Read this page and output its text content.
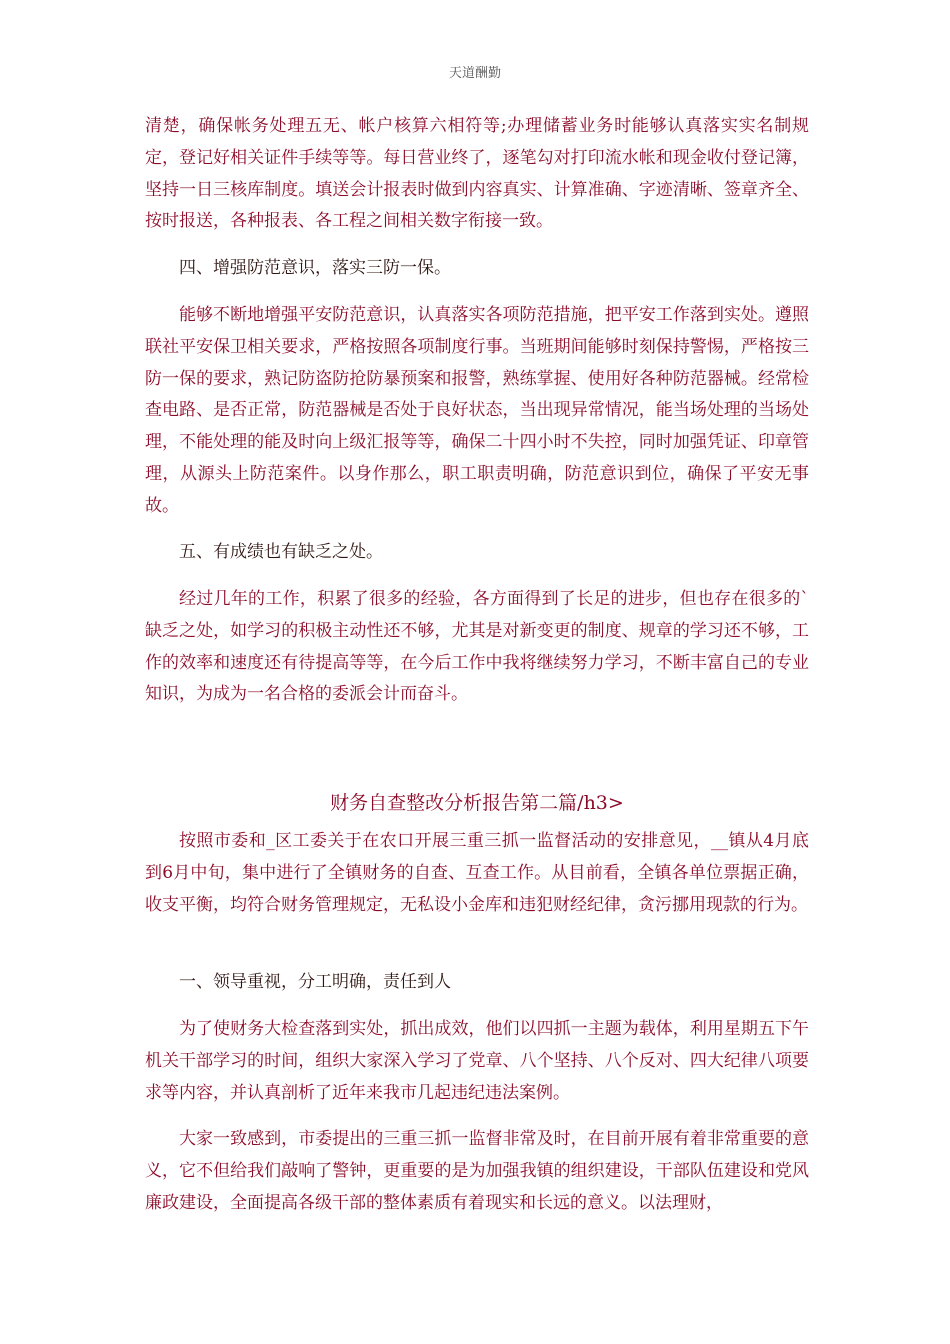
天道酬勤

清楚，确保帐务处理五无、帐户核算六相符等;办理储蓄业务时能够认真落实实名制规定，登记好相关证件手续等等。每日营业终了，逐笔勾对打印流水帐和现金收付登记簿，坚持一日三核库制度。填送会计报表时做到内容真实、计算准确、字迹清晰、签章齐全、按时报送，各种报表、各工程之间相关数字衔接一致。

四、增强防范意识，落实三防一保。

能够不断地增强平安防范意识，认真落实各项防范措施，把平安工作落到实处。遵照联社平安保卫相关要求，严格按照各项制度行事。当班期间能够时刻保持警惕，严格按三防一保的要求，熟记防盗防抢防暴预案和报警，熟练掌握、使用好各种防范器械。经常检查电路、是否正常，防范器械是否处于良好状态，当出现异常情况，能当场处理的当场处理，不能处理的能及时向上级汇报等等，确保二十四小时不失控，同时加强凭证、印章管理，从源头上防范案件。以身作那么，职工职责明确，防范意识到位，确保了平安无事故。

五、有成绩也有缺乏之处。

经过几年的工作，积累了很多的经验，各方面得到了长足的进步，但也存在很多的`缺乏之处，如学习的积极主动性还不够，尤其是对新变更的制度、规章的学习还不够，工作的效率和速度还有待提高等等，在今后工作中我将继续努力学习，不断丰富自己的专业知识，为成为一名合格的委派会计而奋斗。

财务自查整改分析报告第二篇/h3>

按照市委和_区工委关于在农口开展三重三抓一监督活动的安排意见，__镇从4月底到6月中旬，集中进行了全镇财务的自查、互查工作。从目前看，全镇各单位票据正确，收支平衡，均符合财务管理规定，无私设小金库和违犯财经纪律，贪污挪用现款的行为。

一、领导重视，分工明确，责任到人

为了使财务大检查落到实处，抓出成效，他们以四抓一主题为载体，利用星期五下午机关干部学习的时间，组织大家深入学习了党章、八个坚持、八个反对、四大纪律八项要求等内容，并认真剖析了近年来我市几起违纪违法案例。

大家一致感到，市委提出的三重三抓一监督非常及时，在目前开展有着非常重要的意义，它不但给我们敲响了警钟，更重要的是为加强我镇的组织建设，干部队伍建设和党风廉政建设，全面提高各级干部的整体素质有着现实和长远的意义。以法理财，
